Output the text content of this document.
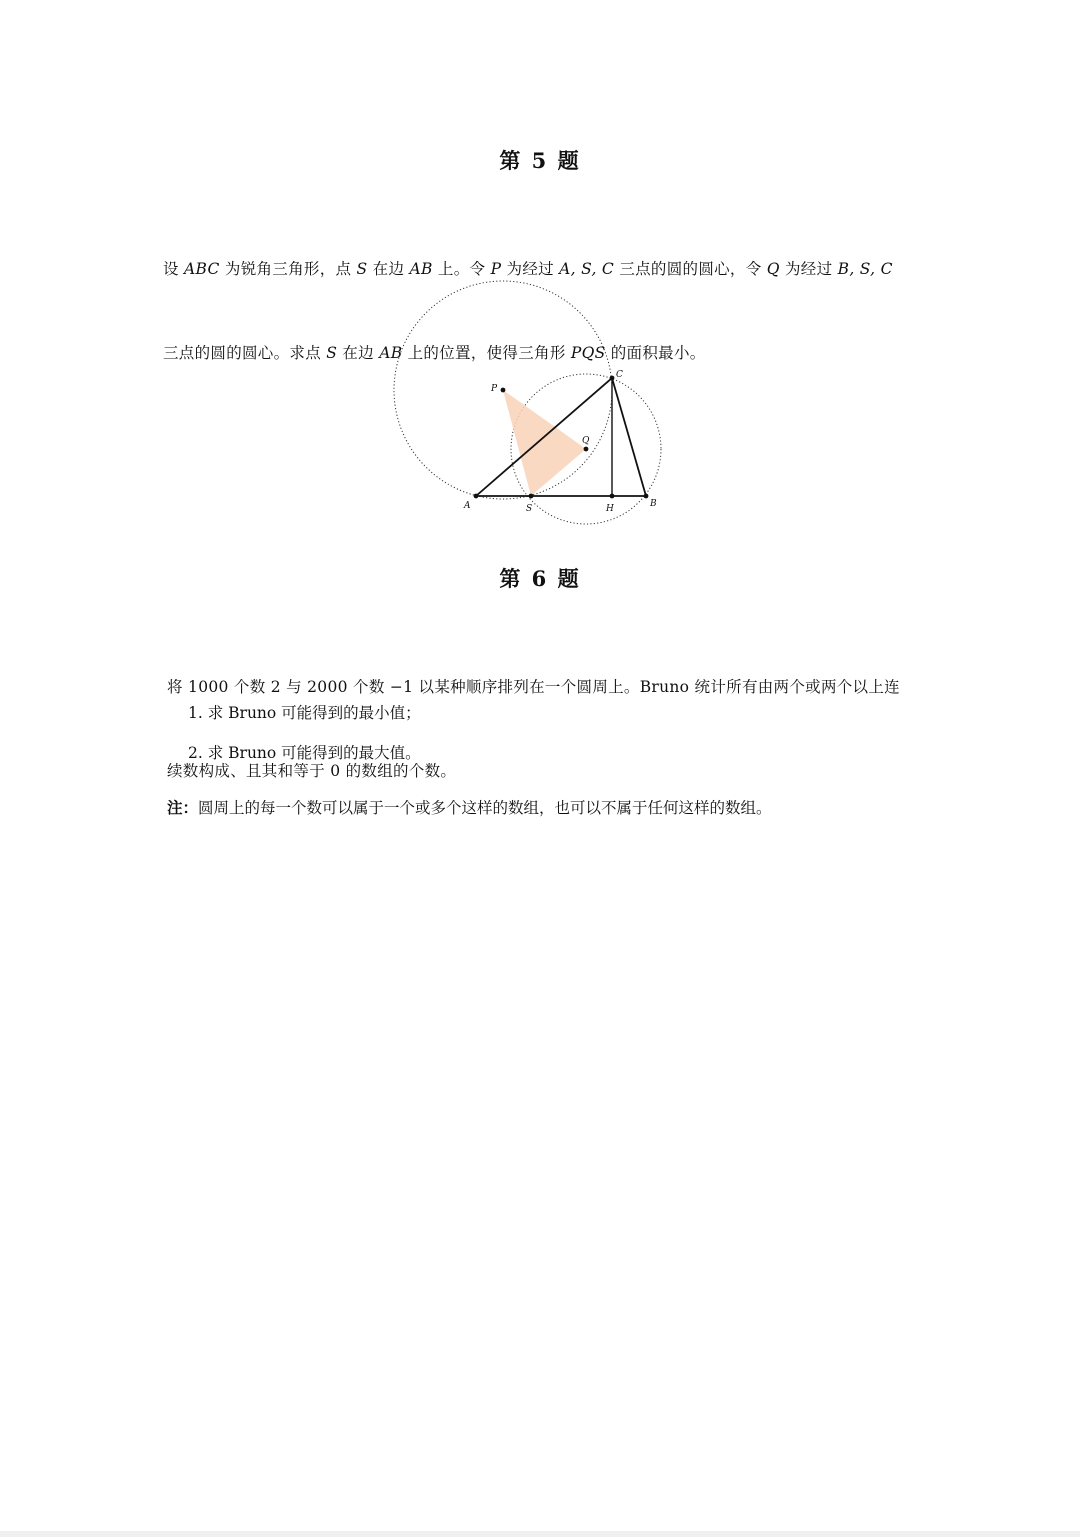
第 5 题

设 ABC 为锐角三角形，点 S 在边 AB 上。令 P 为经过 A, S, C 三点的圆的圆心，令 Q 为经过 B, S, C

三点的圆的圆心。求点 S 在边 AB 上的位置，使得三角形 PQS 的面积最小。

A	S	H	B
C
P
Q
第 6 题

将 1000 个数 2 与 2000 个数 −1 以某种顺序排列在一个圆周上。Bruno 统计所有由两个或两个以上连

续数构成、且其和等于 0 的数组的个数。

1. 求 Bruno 可能得到的最小值；
2. 求 Bruno 可能得到的最大值。
注：圆周上的每一个数可以属于一个或多个这样的数组，也可以不属于任何这样的数组。
